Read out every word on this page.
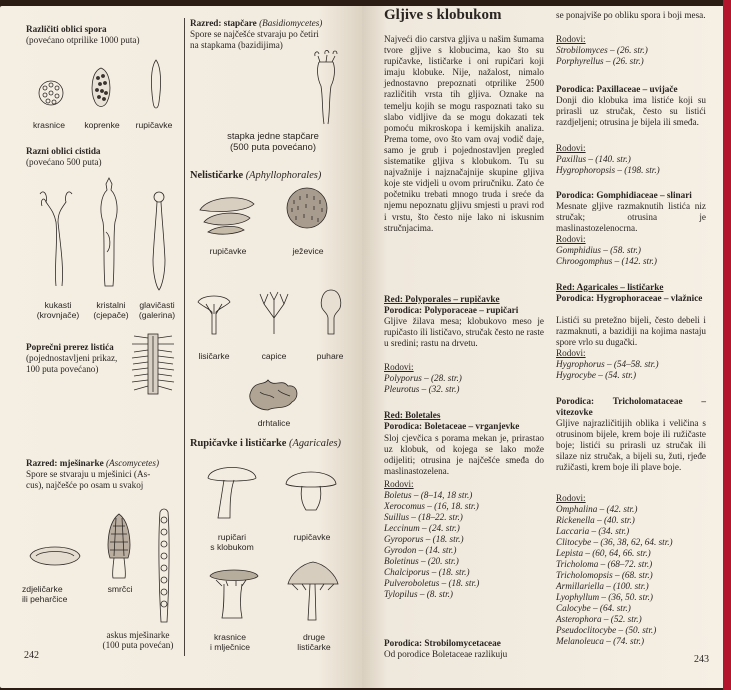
Različiti oblici spora
(povećano otprilike 1000 puta)
krasnice	koprenke	rupičavke
Razni oblici cistida
(povećano 500 puta)
kukasti
(krovnjače)
kristalni
(cjepače)
glavičasti
(galerina)
Poprečni prerez listića
(pojednostavljeni prikaz,
100 puta povećano)
Razred: mješinarke (Ascomycetes)
Spore se stvaraju u mješinici (As-
cus), najčešće po osam u svakoj
zdjeličarke
ili peharčice
smrčci
askus mješinarke
(100 puta povećan)
242
Razred: stapčare (Basidiomycetes)
Spore se najčešće stvaraju po četiri
na stapkama (bazidijima)
stapka jedne stapčare
(500 puta povećano)
Nelističarke (Aphyllophorales)
rupičavke	ježevice
lisičarke	capice	puhare
drhtalice
Rupičavke i lističarke (Agaricales)
rupičari
s klobukom
rupičavke
krasnice
i mlječnice
druge
lističarke
Gljive s klobukom
Najveći dio carstva gljiva u našim šumama tvore gljive s klobucima, kao što su rupičavke, lističarke i oni rupičari koji imaju klobuke. Nije, nažalost, nimalo jednostavno prepoznati otprilike 2500 različitih vrsta tih gljiva. Oznake na temelju kojih se mogu raspoznati tako su slabo vidljive da se mogu dokazati tek pomoću mikroskopa i kemijskih analiza. Prema tome, ovo što vam ovaj vodič daje, samo je grub i pojednostavljen pregled sistematike gljiva s klobukom. Tu su najvažnije i najznačajnije skupine gljiva koje ste vidjeli u ovom priručniku. Zato će početniku trebati mnogo truda i sreće da njemu nepoznatu gljivu smjesti u pravi rod i vrstu, što često nije lako ni iskusnim stručnjacima.
Red: Polyporales – rupičavke
Porodica: Polyporaceae – rupičari
Gljive žilava mesa; klobukovo meso je rupičasto ili lističavo, stručak često ne raste u sredini; rastu na drvetu.
Rodovi:
Polyporus – (28. str.)
Pleurotus – (32. str.)
Red: Boletales
Porodica: Boletaceae – vrganjevke
Sloj cjevčica s porama mekan je, prirastao uz klobuk, od kojega se lako može odijeliti; otrusina je najčešće smeđa do maslinastozelena.
Rodovi:
Boletus – (8–14, 18 str.)
Xerocomus – (16, 18. str.)
Suillus – (18–22. str.)
Leccinum – (24. str.)
Gyroporus – (18. str.)
Gyrodon – (14. str.)
Boletinus – (20. str.)
Chalciporus – (18. str.)
Pulveroboletus – (18. str.)
Tylopilus – (8. str.)
Porodica: Strobilomycetaceae
Od porodice Boletaceae razlikuju
se ponajviše po obliku spora i boji mesa.
Rodovi:
Strobilomyces – (26. str.)
Porphyrellus – (26. str.)
Porodica: Paxillaceae – uvijače
Donji dio klobuka ima listiće koji su prirasli uz stručak, često su listići razdjeljeni; otrusina je bijela ili smeđa.
Rodovi:
Paxillus – (140. str.)
Hygrophoropsis – (198. str.)
Porodica: Gomphidiaceae – slinari
Mesnate gljive razmaknutih listića niz stručak; otrusina je maslinastozelenocrna.
Rodovi:
Gomphidius – (58. str.)
Chroogomphus – (142. str.)
Red: Agaricales – lističarke
Porodica: Hygrophoraceae – vlažnice
Listići su pretežno bijeli, često debeli i razmaknuti, a bazidiji na kojima nastaju spore vrlo su dugački.
Rodovi:
Hygrophorus – (54–58. str.)
Hygrocybe – (54. str.)
Porodica: Tricholomataceae – vitezovke
Gljive najrazličitijih oblika i veličina s otrusinom bijele, krem boje ili ružičaste boje; listići su prirasli uz stručak ili silaze niz stručak, a bijeli su, žuti, rjeđe ružičasti, krem boje ili plave boje.
Rodovi:
Omphalina – (42. str.)
Rickenella – (40. str.)
Laccaria – (34. str.)
Clitocybe – (36, 38, 62, 64. str.)
Lepista – (60, 64, 66. str.)
Tricholoma – (68–72. str.)
Tricholomopsis – (68. str.)
Armillariella – (100. str.)
Lyophyllum – (36, 50. str.)
Calocybe – (64. str.)
Asterophora – (52. str.)
Pseudoclitocybe – (50. str.)
Melanoleuca – (74. str.)
243
